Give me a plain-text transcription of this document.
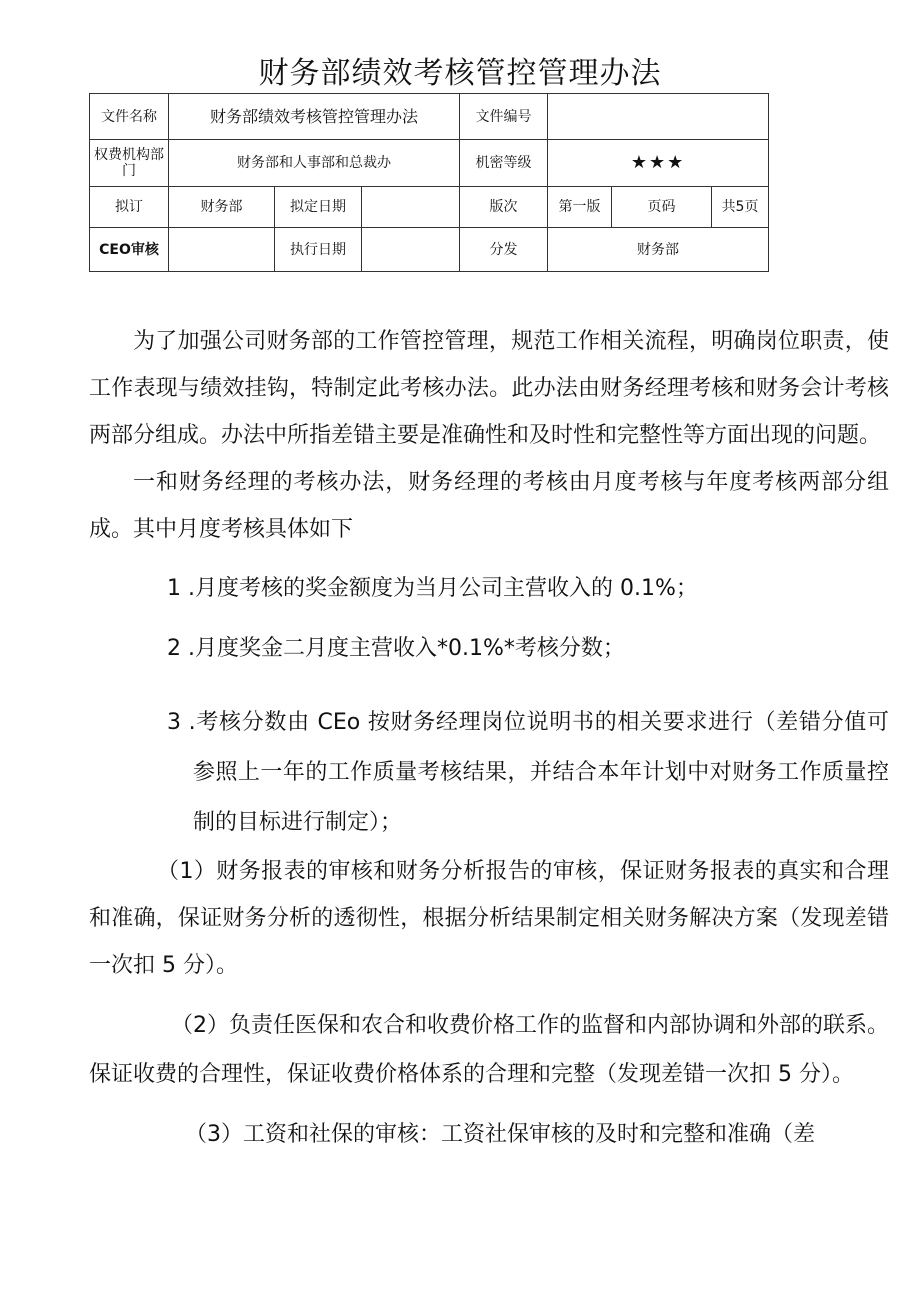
财务部绩效考核管控管理办法
文件名称	财务部绩效考核管控管理办法			文件编号			
权费机构部门	财务部和人事部和总裁办			机密等级	★★★		
拟订	财务部	拟定日期		版次	第一版	页码	共5页
CEO审核		执行日期		分发	财务部		

为了加强公司财务部的工作管控管理，规范工作相关流程，明确岗位职责，使工作表现与绩效挂钩，特制定此考核办法。此办法由财务经理考核和财务会计考核两部分组成。办法中所指差错主要是准确性和及时性和完整性等方面出现的问题。

一和财务经理的考核办法，财务经理的考核由月度考核与年度考核两部分组成。其中月度考核具体如下

1 .月度考核的奖金额度为当月公司主营收入的 0.1%；

2 .月度奖金二月度主营收入*0.1%*考核分数；

3 .考核分数由 CEo 按财务经理岗位说明书的相关要求进行（差错分值可参照上一年的工作质量考核结果，并结合本年计划中对财务工作质量控制的目标进行制定）；

（1）财务报表的审核和财务分析报告的审核，保证财务报表的真实和合理和准确，保证财务分析的透彻性，根据分析结果制定相关财务解决方案（发现差错一次扣 5 分）。

（2）负责任医保和农合和收费价格工作的监督和内部协调和外部的联系。保证收费的合理性，保证收费价格体系的合理和完整（发现差错一次扣 5 分）。

（3）工资和社保的审核：工资社保审核的及时和完整和准确（差
